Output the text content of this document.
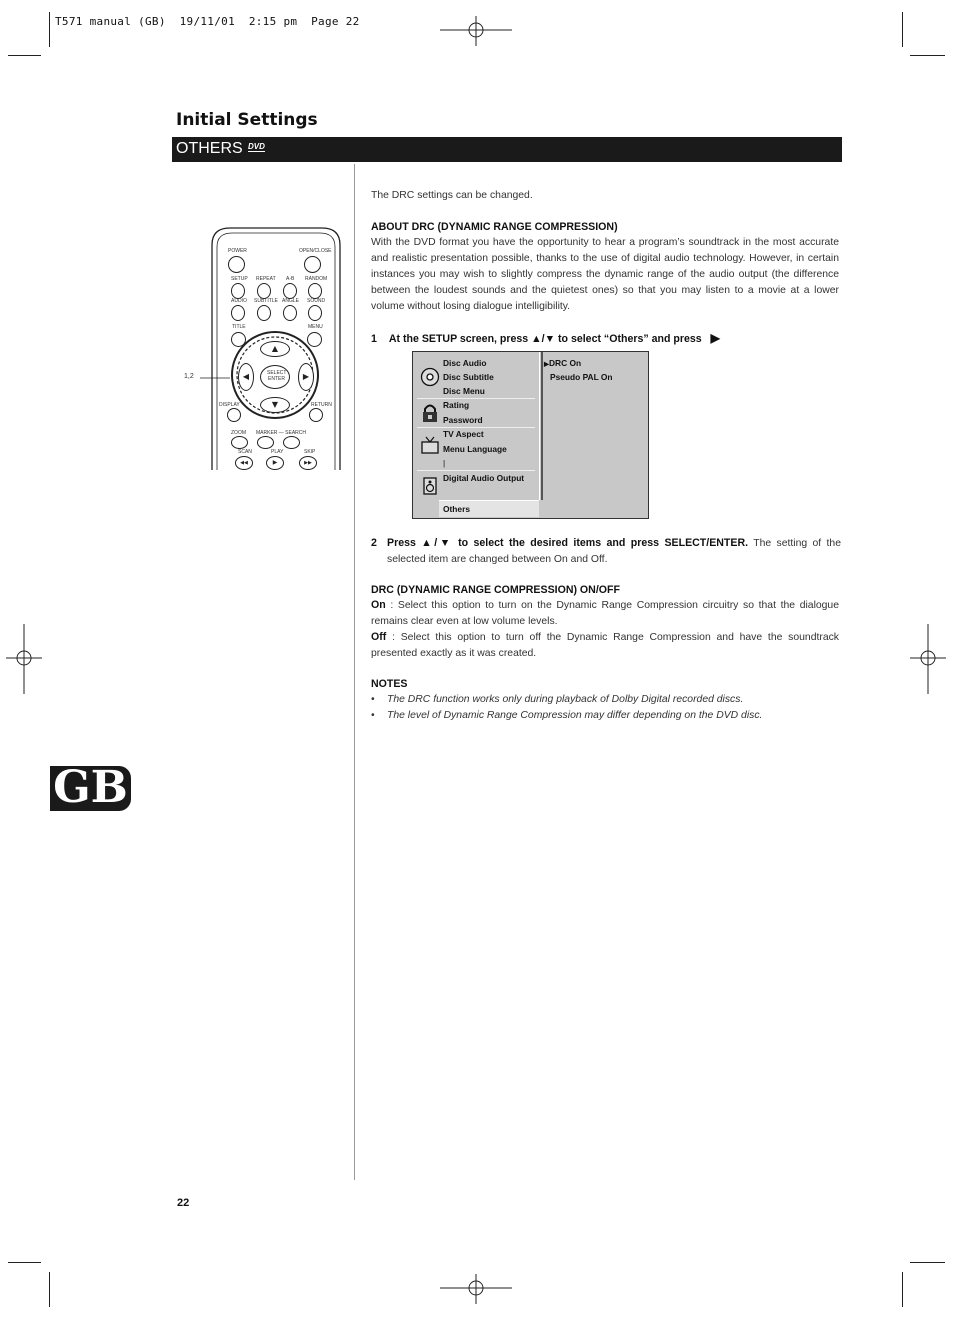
T571 manual (GB)  19/11/01  2:15 pm  Page 22
Initial Settings
OTHERS DVD
1,2
POWER	OPEN/CLOSE
SETUP REPEAT A-B RANDOM
AUDIO SUBTITLE ANGLE SOUND
TITLE	MENU
▲
▼
◀	▶
SELECT
ENTER
DISPLAY	RETURN
ZOOM MARKER — SEARCH
SCAN	PLAY	SKIP
◀◀	▶	▶▶
The DRC settings can be changed.
ABOUT DRC (DYNAMIC RANGE COMPRESSION)

With the DVD format you have the opportunity to hear a program’s soundtrack in the most accurate and realistic presentation possible, thanks to the use of digital audio technology. However, in certain instances you may wish to slightly compress the dynamic range of the audio output (the difference between the loudest sounds and the quietest ones) so that you may listen to a movie at a lower volume without losing dialogue intelligibility.

1 At the SETUP screen, press ▲/▼ to select “Others” and press ▶
Disc Audio
Disc Subtitle
Disc Menu
Rating
Password
TV Aspect
Menu Language
|
Digital Audio Output
Others
▶DRC On
Pseudo PAL On
2 Press ▲/▼ to select the desired items and press SELECT/ENTER. The setting of the selected item are changed between On and Off.

DRC (DYNAMIC RANGE COMPRESSION) ON/OFF

On : Select this option to turn on the Dynamic Range Compression circuitry so that the dialogue remains clear even at low volume levels.

Off : Select this option to turn off the Dynamic Range Compression and have the soundtrack presented exactly as it was created.

NOTES
• The DRC function works only during playback of Dolby Digital recorded discs.
• The level of Dynamic Range Compression may differ depending on the DVD disc.
GB
22
